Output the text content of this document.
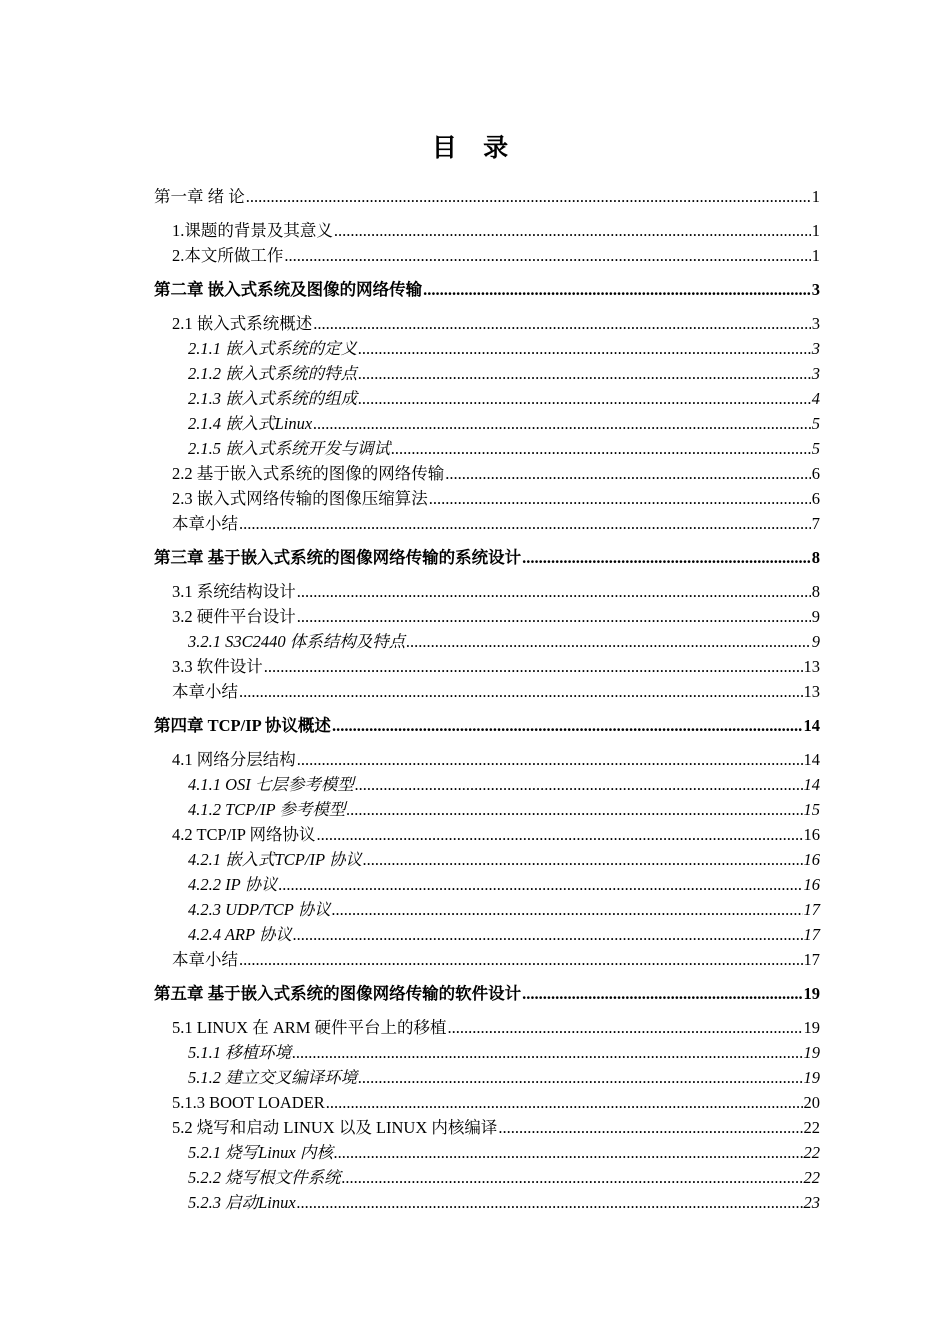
目 录
第一章 绪 论 .....	1
1.课题的背景及其意义 .....	1
2.本文所做工作 .....	1
第二章 嵌入式系统及图像的网络传输 .....	3
2.1 嵌入式系统概述 .....	3
2.1.1 嵌入式系统的定义 .....	3
2.1.2 嵌入式系统的特点 .....	3
2.1.3 嵌入式系统的组成 .....	4
2.1.4 嵌入式Linux .....	5
2.1.5 嵌入式系统开发与调试 .....	5
2.2 基于嵌入式系统的图像的网络传输 .....	6
2.3 嵌入式网络传输的图像压缩算法 .....	6
本章小结 .....	7
第三章 基于嵌入式系统的图像网络传输的系统设计 .....	8
3.1 系统结构设计 .....	8
3.2 硬件平台设计 .....	9
3.2.1 S3C2440 体系结构及特点 .....	9
3.3 软件设计 .....	13
本章小结 .....	13
第四章 TCP/IP 协议概述 .....	14
4.1 网络分层结构 .....	14
4.1.1 OSI 七层参考模型 .....	14
4.1.2 TCP/IP 参考模型 .....	15
4.2 TCP/IP 网络协议 .....	16
4.2.1 嵌入式TCP/IP 协议 .....	16
4.2.2 IP 协议 .....	16
4.2.3 UDP/TCP 协议 .....	17
4.2.4 ARP 协议 .....	17
本章小结 .....	17
第五章 基于嵌入式系统的图像网络传输的软件设计 .....	19
5.1 LINUX 在 ARM 硬件平台上的移植 .....	19
5.1.1 移植环境 .....	19
5.1.2 建立交叉编译环境 .....	19
5.1.3 BOOT LOADER .....	20
5.2 烧写和启动 LINUX 以及 LINUX 内核编译 .....	22
5.2.1 烧写Linux 内核 .....	22
5.2.2 烧写根文件系统 .....	22
5.2.3 启动Linux .....	23
